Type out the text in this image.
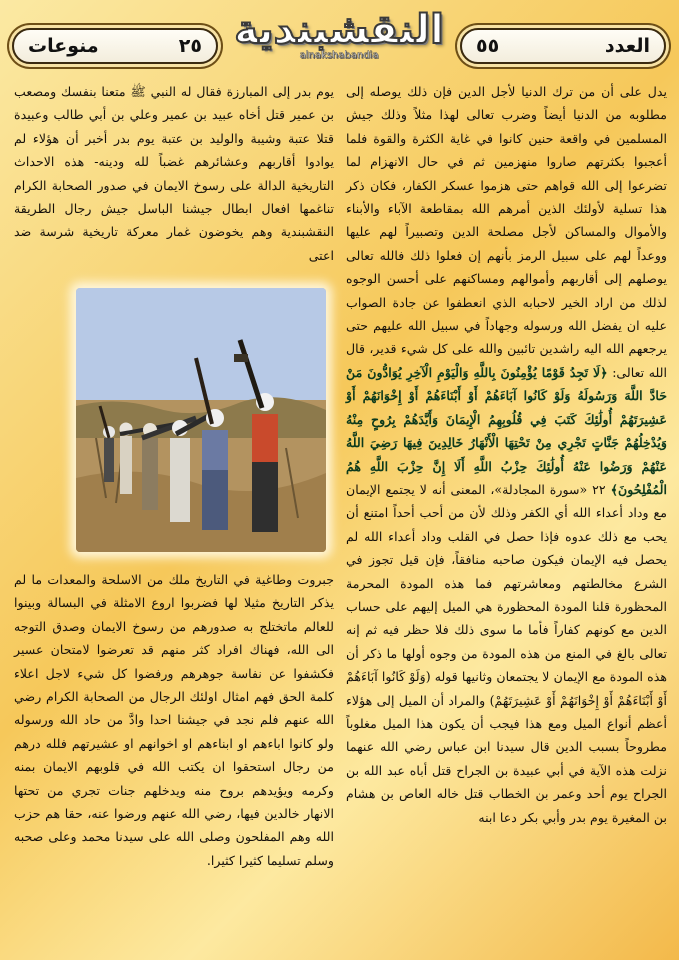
منوعات	٢٥ النقشبندية
alnakshabandia	٥٥	العدد

يدل على أن من ترك الدنيا لأجل الدين فإن ذلك يوصله إلى مطلوبه من الدنيا أيضاً وضرب تعالى لهذا مثلاً وذلك جيش المسلمين في واقعة حنين كانوا في غاية الكثرة والقوة فلما أعجبوا بكثرتهم صاروا منهزمين ثم في حال الانهزام لما تضرعوا إلى الله قواهم حتى هزموا عسكر الكفار، فكان ذكر هذا تسلية لأولئك الذين أمرهم الله بمقاطعة الآباء والأبناء والأموال والمساكن لأجل مصلحة الدين وتصبيراً لهم عليها ووعداً لهم على سبيل الرمز بأنهم إن فعلوا ذلك فالله تعالى يوصلهم إلى أقاربهم وأموالهم ومساكنهم على أحسن الوجوه لذلك من اراد الخير لاحبابه الذي انعطفوا عن جادة الصواب عليه ان يفضل الله ورسوله وجهاداً في سبيل الله عليهم حتى يرجعهم الله اليه راشدين تائبين والله على كل شيء قدير، قال الله تعالى: ﴿لَا تَجِدُ قَوْمًا يُؤْمِنُونَ بِاللَّهِ وَالْيَوْمِ الْآخِرِ يُوَادُّونَ مَنْ حَادَّ اللَّهَ وَرَسُولَهُ وَلَوْ كَانُوا آبَاءَهُمْ أَوْ أَبْنَاءَهُمْ أَوْ إِخْوَانَهُمْ أَوْ عَشِيرَتَهُمْ أُولَٰئِكَ كَتَبَ فِي قُلُوبِهِمُ الْإِيمَانَ وَأَيَّدَهُمْ بِرُوحٍ مِنْهُ وَيُدْخِلُهُمْ جَنَّاتٍ تَجْرِي مِنْ تَحْتِهَا الْأَنْهَارُ خَالِدِينَ فِيهَا رَضِيَ اللَّهُ عَنْهُمْ وَرَضُوا عَنْهُ أُولَٰئِكَ حِزْبُ اللَّهِ أَلَا إِنَّ حِزْبَ اللَّهِ هُمُ الْمُفْلِحُونَ﴾ ٢٢ «سورة المجادلة»، المعنى أنه لا يجتمع الإيمان مع وداد أعداء الله أي الكفر وذلك لأن من أحب أحداً امتنع أن يحب مع ذلك عدوه فإذا حصل في القلب وداد أعداء الله لم يحصل فيه الإيمان فيكون صاحبه منافقاً، فإن قيل تجوز في الشرع مخالطتهم ومعاشرتهم فما هذه المودة المحرمة المحظورة قلنا المودة المحظورة هي الميل إليهم على حساب الدين مع كونهم كفاراً فأما ما سوى ذلك فلا حظر فيه ثم إنه تعالى بالغ في المنع من هذه المودة من وجوه أولها ما ذكر أن هذه المودة مع الإيمان لا يجتمعان وثانيها قوله (وَلَوْ كَانُوا آبَاءَهُمْ أَوْ أَبْنَاءَهُمْ أَوْ إِخْوَانَهُمْ أَوْ عَشِيرَتَهُمْ) والمراد أن الميل إلى هؤلاء أعظم أنواع الميل ومع هذا فيجب أن يكون هذا الميل مغلوباً مطروحاً بسبب الدين قال سيدنا ابن عباس رضي الله عنهما نزلت هذه الآية في أبي عبيدة بن الجراح قتل أباه عبد الله بن الجراح يوم أحد وعمر بن الخطاب قتل خاله العاص بن هشام بن المغيرة يوم بدر وأبي بكر دعا ابنه

يوم بدر إلى المبارزة فقال له النبي ﷺ متعنا بنفسك ومصعب بن عمير قتل أخاه عبيد بن عمير وعلي بن أبي طالب وعبيدة قتلا عتبة وشيبة والوليد بن عتبة يوم بدر أخبر أن هؤلاء لم يوادوا أقاربهم وعشائرهم غضباً لله ودينه- هذه الاحداث التاريخية الدالة على رسوخ الايمان في صدور الصحابة الكرام تناغمها افعال ابطال جيشنا الباسل جيش رجال الطريقة النقشبندية وهم يخوضون غمار معركة تاريخية شرسة ضد اعتى

جبروت وطاغية في التاريخ ملك من الاسلحة والمعدات ما لم يذكر التاريخ مثيلا لها فضربوا اروع الامثلة في البسالة وبينوا للعالم ماتختلج به صدورهم من رسوخ الايمان وصدق التوجه الى الله، فهناك افراد كثر منهم قد تعرضوا لامتحان عسير فكشفوا عن نفاسة جوهرهم ورفضوا كل شيء لاجل اعلاء كلمة الحق فهم امثال اولئك الرجال من الصحابة الكرام رضي الله عنهم فلم نجد في جيشنا احدا وادَّ من حاد الله ورسوله ولو كانوا اباءهم او ابناءهم او اخوانهم او عشيرتهم فلله درهم من رجال استحقوا ان يكتب الله في قلوبهم الايمان بمنه وكرمه ويؤيدهم بروح منه ويدخلهم جنات تجري من تحتها الانهار خالدين فيها، رضي الله عنهم ورضوا عنه، حقا هم حزب الله وهم المفلحون وصلى الله على سيدنا محمد وعلى صحبه وسلم تسليما كثيرا كثيرا.
